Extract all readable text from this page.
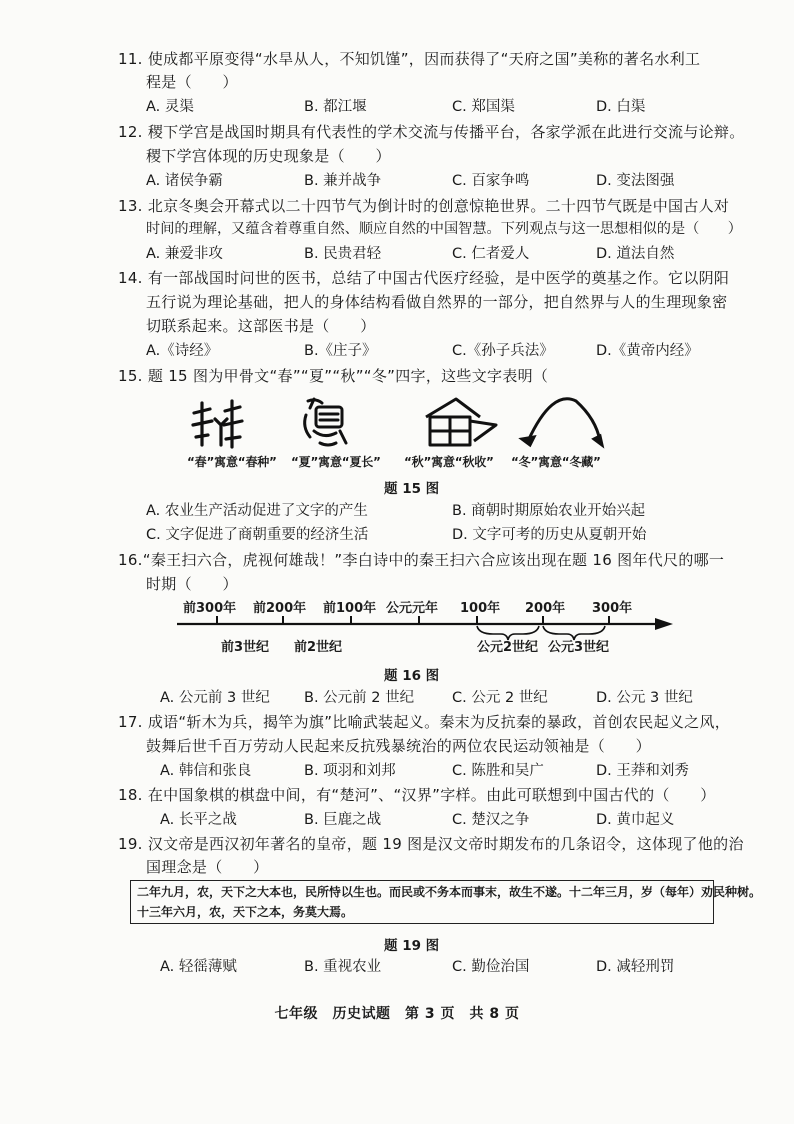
11. 使成都平原变得“水旱从人，不知饥馑”，因而获得了“天府之国”美称的著名水利工
程是（　　）
A. 灵渠	B. 都江堰	C. 郑国渠	D. 白渠
12. 稷下学宫是战国时期具有代表性的学术交流与传播平台，各家学派在此进行交流与论辩。
稷下学宫体现的历史现象是（　　）
A. 诸侯争霸	B. 兼并战争	C. 百家争鸣	D. 变法图强
13. 北京冬奥会开幕式以二十四节气为倒计时的创意惊艳世界。二十四节气既是中国古人对
时间的理解，又蕴含着尊重自然、顺应自然的中国智慧。下列观点与这一思想相似的是（　　）
A. 兼爱非攻	B. 民贵君轻	C. 仁者爱人	D. 道法自然
14. 有一部战国时问世的医书，总结了中国古代医疗经验，是中医学的奠基之作。它以阴阳
五行说为理论基础，把人的身体结构看做自然界的一部分，把自然界与人的生理现象密
切联系起来。这部医书是（　　）
A.《诗经》	B.《庄子》	C.《孙子兵法》	D.《黄帝内经》
15. 题 15 图为甲骨文“春”“夏”“秋”“冬”四字，这些文字表明（
“春”寓意“春种” “夏”寓意“夏长” “秋”寓意“秋收” “冬”寓意“冬藏”
题 15 图
A. 农业生产活动促进了文字的产生	B. 商朝时期原始农业开始兴起
C. 文字促进了商朝重要的经济生活	D. 文字可考的历史从夏朝开始
16.“秦王扫六合，虎视何雄哉！”李白诗中的秦王扫六合应该出现在题 16 图年代尺的哪一
时期（　　）
前300年 前200年 前100年 公元元年 100年 200年 300年
前3世纪 前2世纪	公元2世纪 公元3世纪
题 16 图
A. 公元前 3 世纪 B. 公元前 2 世纪	C. 公元 2 世纪	D. 公元 3 世纪
17. 成语“斩木为兵，揭竿为旗”比喻武装起义。秦末为反抗秦的暴政，首创农民起义之风，
鼓舞后世千百万劳动人民起来反抗残暴统治的两位农民运动领袖是（　　）
A. 韩信和张良	B. 项羽和刘邦	C. 陈胜和吴广	D. 王莽和刘秀
18. 在中国象棋的棋盘中间，有“楚河”、“汉界”字样。由此可联想到中国古代的（　　）
A. 长平之战	B. 巨鹿之战	C. 楚汉之争	D. 黄巾起义
19. 汉文帝是西汉初年著名的皇帝，题 19 图是汉文帝时期发布的几条诏令，这体现了他的治
国理念是（　　）
二年九月，农，天下之大本也，民所恃以生也。而民或不务本而事末，故生不遂。十二年三月，岁（每年）劝民种树。
十三年六月，农，天下之本，务莫大焉。
题 19 图
A. 轻徭薄赋	B. 重视农业	C. 勤俭治国	D. 减轻刑罚
七年级　历史试题　第 3 页　共 8 页
